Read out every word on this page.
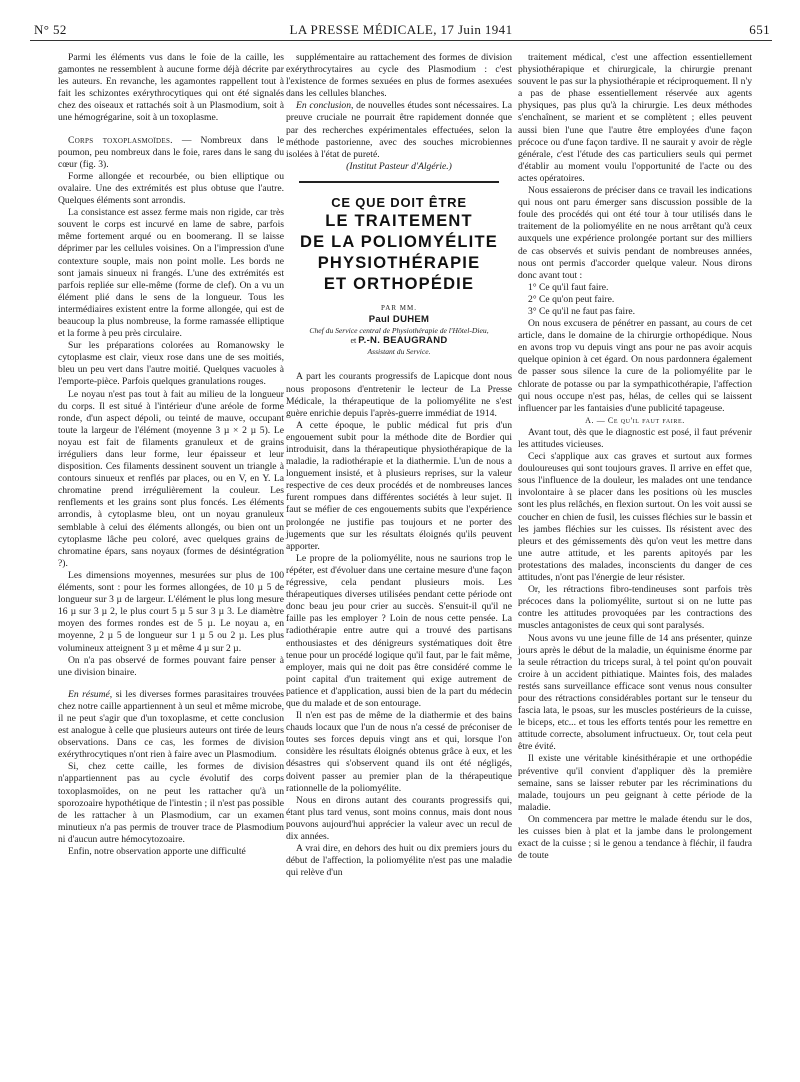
N° 52	LA PRESSE MÉDICALE, 17 Juin 1941	651

Parmi les éléments vus dans le foie de la caille, les gamontes ne ressemblent à aucune forme déjà décrite par les auteurs. En revanche, les agamontes rappellent tout à fait les schizontes exérythrocytiques qui ont été signalés chez des oiseaux et rattachés soit à un Plasmodium, soit à une hémogrégarine, soit à un toxoplasme.

Corps toxoplasmoïdes. — Nombreux dans le poumon, peu nombreux dans le foie, rares dans le sang du cœur (fig. 3).

Forme allongée et recourbée, ou bien elliptique ou ovalaire. Une des extrémités est plus obtuse que l'autre. Quelques éléments sont arrondis.

La consistance est assez ferme mais non rigide, car très souvent le corps est incurvé en lame de sabre, parfois même fortement arqué ou en boomerang. Il se laisse déprimer par les cellules voisines. On a l'impression d'une contexture souple, mais non point molle. Les bords ne sont jamais sinueux ni frangés. L'une des extrémités est parfois repliée sur elle-même (forme de clef). On a vu un élément plié dans le sens de la longueur. Tous les intermédiaires existent entre la forme allongée, qui est de beaucoup la plus nombreuse, la forme ramassée elliptique et la forme à peu près circulaire.

Sur les préparations colorées au Romanowsky le cytoplasme est clair, vieux rose dans une de ses moitiés, bleu un peu vert dans l'autre moitié. Quelques vacuoles à l'emporte-pièce. Parfois quelques granulations rouges.

Le noyau n'est pas tout à fait au milieu de la longueur du corps. Il est situé à l'intérieur d'une aréole de forme ronde, d'un aspect dépoli, ou teinté de mauve, occupant toute la largeur de l'élément (moyenne 3 µ × 2 µ 5). Le noyau est fait de filaments granuleux et de grains irréguliers dans leur forme, leur épaisseur et leur disposition. Ces filaments dessinent souvent un triangle à contours sinueux et renflés par places, ou en V, en Y. La chromatine prend irrégulièrement la couleur. Les renflements et les grains sont plus foncés. Les éléments arrondis, à cytoplasme bleu, ont un noyau granuleux semblable à celui des éléments allongés, ou bien ont un cytoplasme lâche peu coloré, avec quelques grains de chromatine épars, sans noyaux (formes de désintégration ?).

Les dimensions moyennes, mesurées sur plus de 100 éléments, sont : pour les formes allongées, de 10 µ 5 de longueur sur 3 µ de largeur. L'élément le plus long mesure 16 µ sur 3 µ 2, le plus court 5 µ 5 sur 3 µ 3. Le diamètre moyen des formes rondes est de 5 µ. Le noyau a, en moyenne, 2 µ 5 de longueur sur 1 µ 5 ou 2 µ. Les plus volumineux atteignent 3 µ et même 4 µ sur 2 µ.

On n'a pas observé de formes pouvant faire penser à une division binaire.

En résumé, si les diverses formes parasitaires trouvées chez notre caille appartiennent à un seul et même microbe, il ne peut s'agir que d'un toxoplasme, et cette conclusion est analogue à celle que plusieurs auteurs ont tirée de leurs observations. Dans ce cas, les formes de division exérythrocytiques n'ont rien à faire avec un Plasmodium.

Si, chez cette caille, les formes de division n'appartiennent pas au cycle évolutif des corps toxoplasmoïdes, on ne peut les rattacher qu'à un sporozoaire hypothétique de l'intestin ; il n'est pas possible de les rattacher à un Plasmodium, car un examen minutieux n'a pas permis de trouver trace de Plasmodium ni d'aucun autre hémocytozoaire.

Enfin, notre observation apporte une difficulté

supplémentaire au rattachement des formes de division exérythrocytaires au cycle des Plasmodium : c'est l'existence de formes sexuées en plus de formes asexuées dans les cellules blanches.

En conclusion, de nouvelles études sont nécessaires. La preuve cruciale ne pourrait être rapidement donnée que par des recherches expérimentales effectuées, selon la méthode pastorienne, avec des souches microbiennes isolées à l'état de pureté.

(Institut Pasteur d'Algérie.)

CE QUE DOIT ÊTRE
LE TRAITEMENT
DE LA POLIOMYÉLITE
PHYSIOTHÉRAPIE
ET ORTHOPÉDIE
PAR MM.
Paul DUHEM
Chef du Service central de Physiothérapie de l'Hôtel-Dieu,
et P.-N. BEAUGRAND
Assistant du Service.

A part les courants progressifs de Lapicque dont nous nous proposons d'entretenir le lecteur de La Presse Médicale, la thérapeutique de la poliomyélite ne s'est guère enrichie depuis l'après-guerre immédiat de 1914.

A cette époque, le public médical fut pris d'un engouement subit pour la méthode dite de Bordier qui introduisit, dans la thérapeutique physiothérapique de la maladie, la radiothérapie et la diathermie. L'un de nous a longuement insisté, et à plusieurs reprises, sur la valeur respective de ces deux procédés et de nombreuses lances furent rompues dans différentes sociétés à leur sujet. Il faut se méfier de ces engouements subits que l'expérience prolongée ne justifie pas toujours et ne porter des jugements que sur les résultats éloignés qu'ils peuvent apporter.

Le propre de la poliomyélite, nous ne saurions trop le répéter, est d'évoluer dans une certaine mesure d'une façon régressive, cela pendant plusieurs mois. Les thérapeutiques diverses utilisées pendant cette période ont donc beau jeu pour crier au succès. S'ensuit-il qu'il ne faille pas les employer ? Loin de nous cette pensée. La radiothérapie entre autre qui a trouvé des partisans enthousiastes et des dénigreurs systématiques doit être tenue pour un procédé logique qu'il faut, par le fait même, employer, mais qui ne doit pas être considéré comme le point capital d'un traitement qui exige autrement de patience et d'application, aussi bien de la part du médecin que du malade et de son entourage.

Il n'en est pas de même de la diathermie et des bains chauds locaux que l'un de nous n'a cessé de préconiser de toutes ses forces depuis vingt ans et qui, lorsque l'on considère les résultats éloignés obtenus grâce à eux, et les désastres qui s'observent quand ils ont été négligés, doivent passer au premier plan de la thérapeutique rationnelle de la poliomyélite.

Nous en dirons autant des courants progressifs qui, étant plus tard venus, sont moins connus, mais dont nous pouvons aujourd'hui apprécier la valeur avec un recul de dix années.

A vrai dire, en dehors des huit ou dix premiers jours du début de l'affection, la poliomyélite n'est pas une maladie qui relève d'un

traitement médical, c'est une affection essentiellement physiothérapique et chirurgicale, la chirurgie prenant souvent le pas sur la physiothérapie et réciproquement. Il n'y a pas de phase essentiellement réservée aux agents physiques, pas plus qu'à la chirurgie. Les deux méthodes s'enchaînent, se marient et se complètent ; elles peuvent aussi bien l'une que l'autre être employées d'une façon précoce ou d'une façon tardive. Il ne saurait y avoir de règle générale, c'est l'étude des cas particuliers seuls qui permet d'établir au moment voulu l'opportunité de l'acte ou des actes opératoires.

Nous essaierons de préciser dans ce travail les indications qui nous ont paru émerger sans discussion possible de la foule des procédés qui ont été tour à tour utilisés dans le traitement de la poliomyélite en ne nous arrêtant qu'à ceux auxquels une expérience prolongée portant sur des milliers de cas observés et suivis pendant de nombreuses années, nous ont permis d'accorder quelque valeur. Nous dirons donc avant tout :

1° Ce qu'il faut faire.

2° Ce qu'on peut faire.

3° Ce qu'il ne faut pas faire.

On nous excusera de pénétrer en passant, au cours de cet article, dans le domaine de la chirurgie orthopédique. Nous en avons trop vu depuis vingt ans pour ne pas avoir acquis quelque opinion à cet égard. On nous pardonnera également de passer sous silence la cure de la poliomyélite par le chlorate de potasse ou par la sympathicothérapie, l'affection qui nous occupe n'est pas, hélas, de celles qui se laissent influencer par les fantaisies d'une publicité tapageuse.

A. — Ce qu'il faut faire.

Avant tout, dès que le diagnostic est posé, il faut prévenir les attitudes vicieuses.

Ceci s'applique aux cas graves et surtout aux formes douloureuses qui sont toujours graves. Il arrive en effet que, sous l'influence de la douleur, les malades ont une tendance involontaire à se placer dans les positions où les muscles sont les plus relâchés, en flexion surtout. On les voit aussi se coucher en chien de fusil, les cuisses fléchies sur le bassin et les jambes fléchies sur les cuisses. Ils résistent avec des pleurs et des gémissements dès qu'on veut les mettre dans une autre attitude, et les parents apitoyés par les protestations des malades, inconscients du danger de ces attitudes, n'ont pas l'énergie de leur résister.

Or, les rétractions fibro-tendineuses sont parfois très précoces dans la poliomyélite, surtout si on ne lutte pas contre les attitudes provoquées par les contractions des muscles antagonistes de ceux qui sont paralysés.

Nous avons vu une jeune fille de 14 ans présenter, quinze jours après le début de la maladie, un équinisme énorme par la seule rétraction du triceps sural, à tel point qu'on pouvait croire à un accident pithiatique. Maintes fois, des malades restés sans surveillance efficace sont venus nous consulter pour des rétractions considérables portant sur le tenseur du fascia lata, le psoas, sur les muscles postérieurs de la cuisse, le biceps, etc... et tous les efforts tentés pour les remettre en attitude correcte, absolument infructueux. Or, tout cela peut être évité.

Il existe une véritable kinésithérapie et une orthopédie préventive qu'il convient d'appliquer dès la première semaine, sans se laisser rebuter par les récriminations du malade, toujours un peu geignant à cette période de la maladie.

On commencera par mettre le malade étendu sur le dos, les cuisses bien à plat et la jambe dans le prolongement exact de la cuisse ; si le genou a tendance à fléchir, il faudra de toute
